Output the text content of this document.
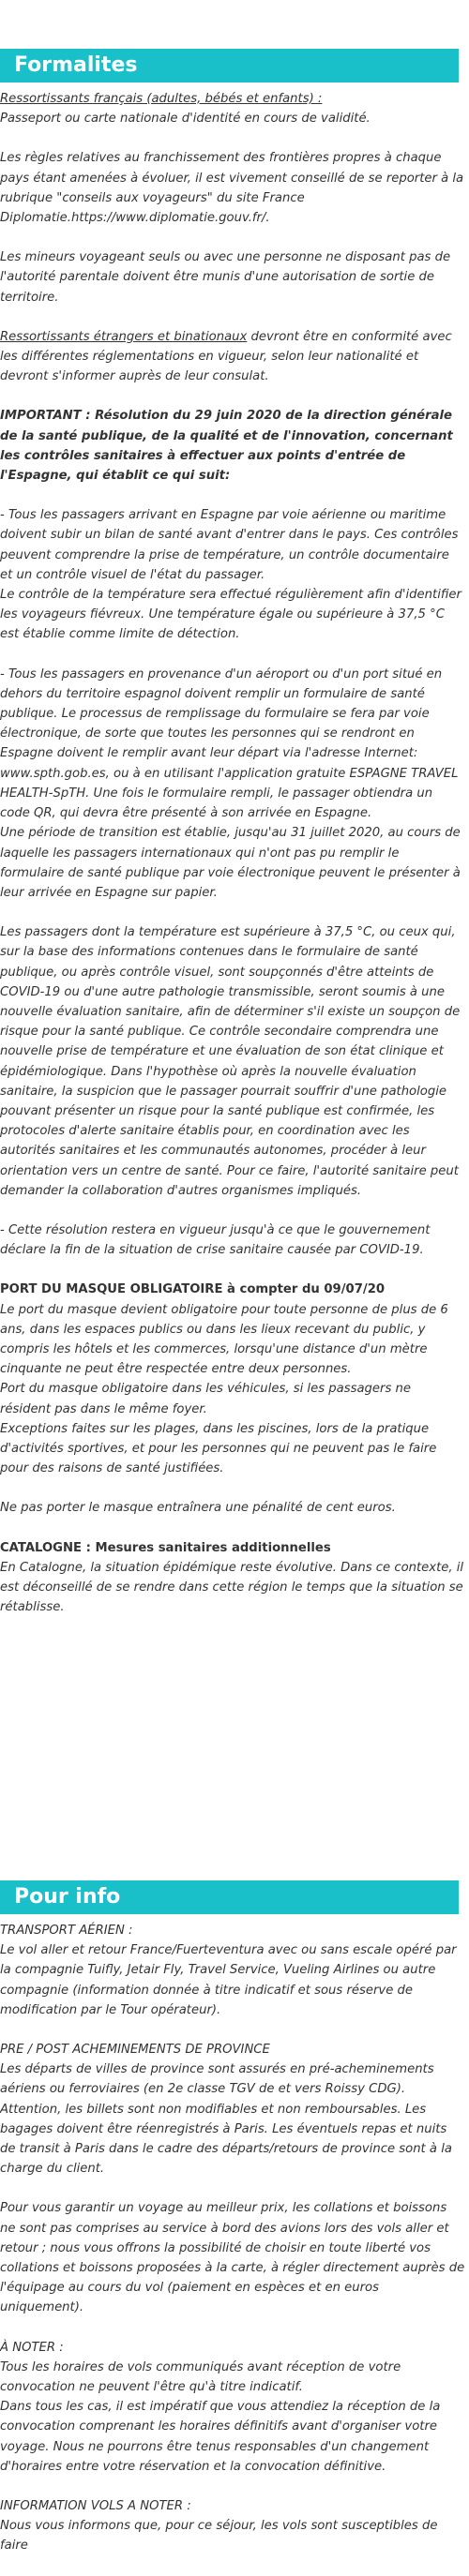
Formalites

Ressortissants français (adultes, bébés et enfants) :
Passeport ou carte nationale d'identité en cours de validité.

Les règles relatives au franchissement des frontières propres à chaque pays étant amenées à évoluer, il est vivement conseillé de se reporter à la rubrique "conseils aux voyageurs" du site France Diplomatie.https://www.diplomatie.gouv.fr/.

Les mineurs voyageant seuls ou avec une personne ne disposant pas de l'autorité parentale doivent être munis d'une autorisation de sortie de territoire.

Ressortissants étrangers et binationaux devront être en conformité avec les différentes réglementations en vigueur, selon leur nationalité et devront s'informer auprès de leur consulat.

IMPORTANT : Résolution du 29 juin 2020 de la direction générale de la santé publique, de la qualité et de l'innovation, concernant les contrôles sanitaires à effectuer aux points d'entrée de l'Espagne, qui établit ce qui suit:

- Tous les passagers arrivant en Espagne par voie aérienne ou maritime doivent subir un bilan de santé avant d'entrer dans le pays. Ces contrôles peuvent comprendre la prise de température, un contrôle documentaire et un contrôle visuel de l'état du passager.

Le contrôle de la température sera effectué régulièrement afin d'identifier les voyageurs fiévreux. Une température égale ou supérieure à 37,5 °C est établie comme limite de détection.

- Tous les passagers en provenance d'un aéroport ou d'un port situé en dehors du territoire espagnol doivent remplir un formulaire de santé publique. Le processus de remplissage du formulaire se fera par voie électronique, de sorte que toutes les personnes qui se rendront en Espagne doivent le remplir avant leur départ via l'adresse Internet: www.spth.gob.es, ou à en utilisant l'application gratuite ESPAGNE TRAVEL HEALTH-SpTH. Une fois le formulaire rempli, le passager obtiendra un code QR, qui devra être présenté à son arrivée en Espagne.

Une période de transition est établie, jusqu'au 31 juillet 2020, au cours de laquelle les passagers internationaux qui n'ont pas pu remplir le formulaire de santé publique par voie électronique peuvent le présenter à leur arrivée en Espagne sur papier.

Les passagers dont la température est supérieure à 37,5 °C, ou ceux qui, sur la base des informations contenues dans le formulaire de santé publique, ou après contrôle visuel, sont soupçonnés d'être atteints de COVID-19 ou d'une autre pathologie transmissible, seront soumis à une nouvelle évaluation sanitaire, afin de déterminer s'il existe un soupçon de risque pour la santé publique. Ce contrôle secondaire comprendra une nouvelle prise de température et une évaluation de son état clinique et épidémiologique. Dans l'hypothèse où après la nouvelle évaluation sanitaire, la suspicion que le passager pourrait souffrir d'une pathologie pouvant présenter un risque pour la santé publique est confirmée, les protocoles d'alerte sanitaire établis pour, en coordination avec les autorités sanitaires et les communautés autonomes, procéder à leur orientation vers un centre de santé. Pour ce faire, l'autorité sanitaire peut demander la collaboration d'autres organismes impliqués.

- Cette résolution restera en vigueur jusqu'à ce que le gouvernement déclare la fin de la situation de crise sanitaire causée par COVID-19.

PORT DU MASQUE OBLIGATOIRE à compter du 09/07/20
Le port du masque devient obligatoire pour toute personne de plus de 6 ans, dans les espaces publics ou dans les lieux recevant du public, y compris les hôtels et les commerces, lorsqu'une distance d'un mètre cinquante ne peut être respectée entre deux personnes.
Port du masque obligatoire dans les véhicules, si les passagers ne résident pas dans le même foyer.
Exceptions faites sur les plages, dans les piscines, lors de la pratique d'activités sportives, et pour les personnes qui ne peuvent pas le faire pour des raisons de santé justifiées.

Ne pas porter le masque entraînera une pénalité de cent euros.

CATALOGNE : Mesures sanitaires additionnelles
En Catalogne, la situation épidémique reste évolutive. Dans ce contexte, il est déconseillé de se rendre dans cette région le temps que la situation se rétablisse.

Pour info

TRANSPORT AÉRIEN :
Le vol aller et retour France/Fuerteventura avec ou sans escale opéré par la compagnie Tuifly, Jetair Fly, Travel Service, Vueling Airlines ou autre compagnie (information donnée à titre indicatif et sous réserve de modification par le Tour opérateur).

PRE / POST ACHEMINEMENTS DE PROVINCE
Les départs de villes de province sont assurés en pré-acheminements aériens ou ferroviaires (en 2e classe TGV de et vers Roissy CDG). Attention, les billets sont non modifiables et non remboursables. Les bagages doivent être réenregistrés à Paris. Les éventuels repas et nuits de transit à Paris dans le cadre des départs/retours de province sont à la charge du client.

Pour vous garantir un voyage au meilleur prix, les collations et boissons ne sont pas comprises au service à bord des avions lors des vols aller et retour ; nous vous offrons la possibilité de choisir en toute liberté vos collations et boissons proposées à la carte, à régler directement auprès de l'équipage au cours du vol (paiement en espèces et en euros uniquement).

À NOTER :
Tous les horaires de vols communiqués avant réception de votre convocation ne peuvent l'être qu'à titre indicatif.
Dans tous les cas, il est impératif que vous attendiez la réception de la convocation comprenant les horaires définitifs avant d'organiser votre voyage. Nous ne pourrons être tenus responsables d'un changement d'horaires entre votre réservation et la convocation définitive.

INFORMATION VOLS A NOTER :
Nous vous informons que, pour ce séjour, les vols sont susceptibles de faire
